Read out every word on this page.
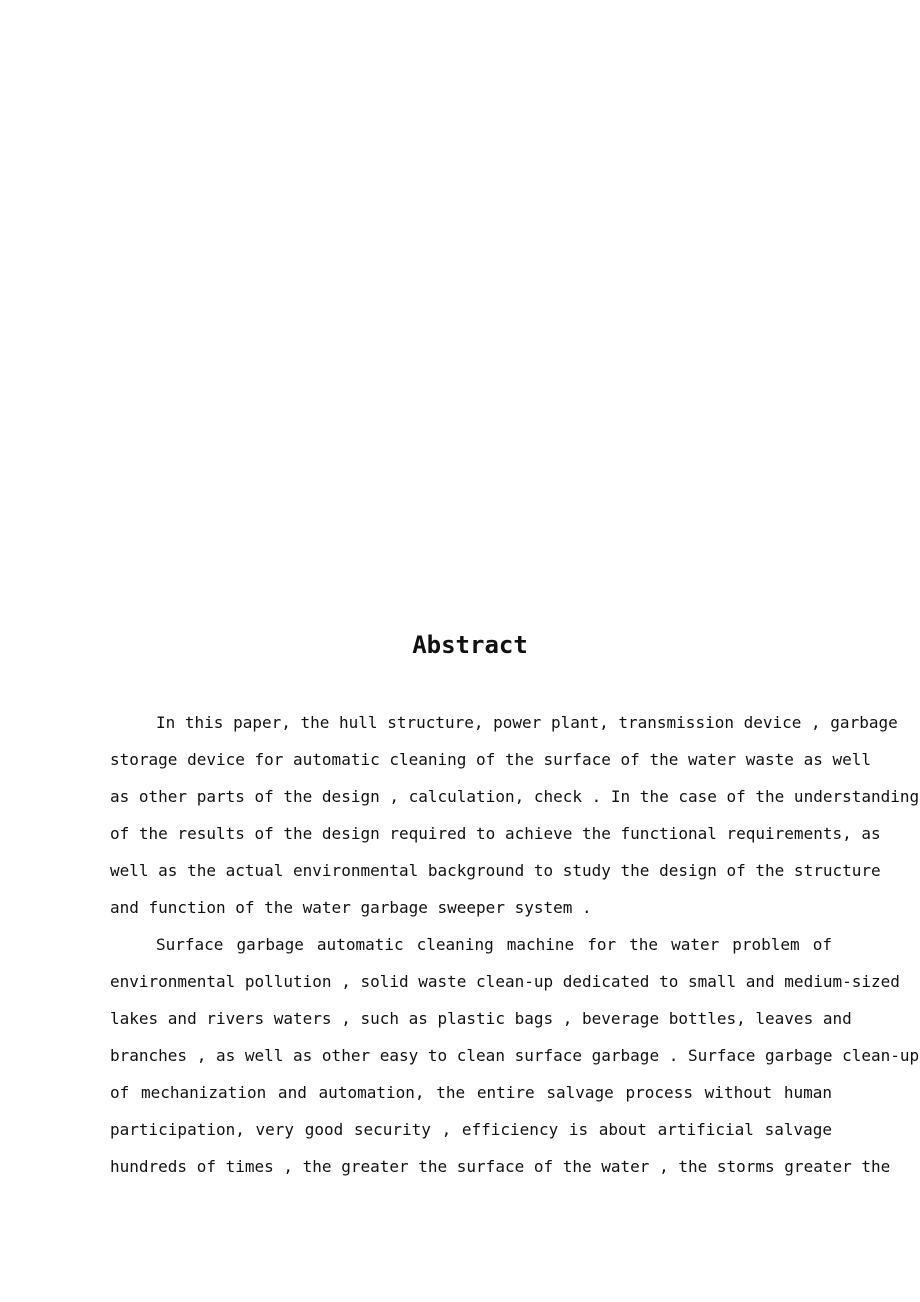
Abstract

In this paper, the hull structure, power plant, transmission device , garbage

storage device for automatic cleaning of the surface of the water waste as well

as other parts of the design , calculation, check . In the case of the understanding

of the results of the design required to achieve the functional requirements, as

well as the actual environmental background to study the design of the structure

and function of the water garbage sweeper system .

Surface garbage automatic cleaning machine for the water problem of

environmental pollution , solid waste clean-up dedicated to small and medium-sized

lakes and rivers waters , such as plastic bags , beverage bottles, leaves and

branches , as well as other easy to clean surface garbage . Surface garbage clean-up

of mechanization and automation, the entire salvage process without human

participation, very good security , efficiency is about artificial salvage

hundreds of times , the greater the surface of the water , the storms greater the
